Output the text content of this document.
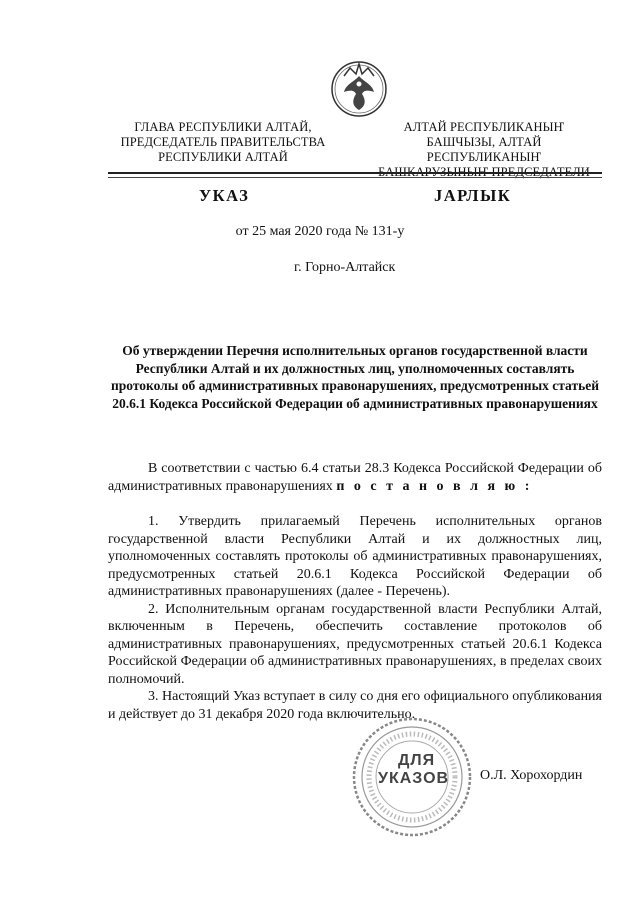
ГЛАВА РЕСПУБЛИКИ АЛТАЙ,
ПРЕДСЕДАТЕЛЬ ПРАВИТЕЛЬСТВА
РЕСПУБЛИКИ АЛТАЙ
АЛТАЙ РЕСПУБЛИКАНЫҤ
БАШЧЫЗЫ, АЛТАЙ РЕСПУБЛИКАНЫҤ
БАШКАРУЗЫНЫҤ ПРЕДСЕДАТЕЛИ
УКАЗ	JАРЛЫК
от 25 мая 2020 года № 131-у
г. Горно-Алтайск
Об утверждении Перечня исполнительных органов государственной власти Республики Алтай и их должностных лиц, уполномоченных составлять протоколы об административных правонарушениях, предусмотренных статьей 20.6.1 Кодекса Российской Федерации об административных правонарушениях

В соответствии с частью 6.4 статьи 28.3 Кодекса Российской Федерации об административных правонарушениях п о с т а н о в л я ю :

1. Утвердить прилагаемый Перечень исполнительных органов государственной власти Республики Алтай и их должностных лиц, уполномоченных составлять протоколы об административных правонарушениях, предусмотренных статьей 20.6.1 Кодекса Российской Федерации об административных правонарушениях (далее - Перечень).

2. Исполнительным органам государственной власти Республики Алтай, включенным в Перечень, обеспечить составление протоколов об административных правонарушениях, предусмотренных статьей 20.6.1 Кодекса Российской Федерации об административных правонарушениях, в пределах своих полномочий.

3. Настоящий Указ вступает в силу со дня его официального опубликования и действует до 31 декабря 2020 года включительно.

ДЛЯ
УКАЗОВ О.Л. Хорохордин
